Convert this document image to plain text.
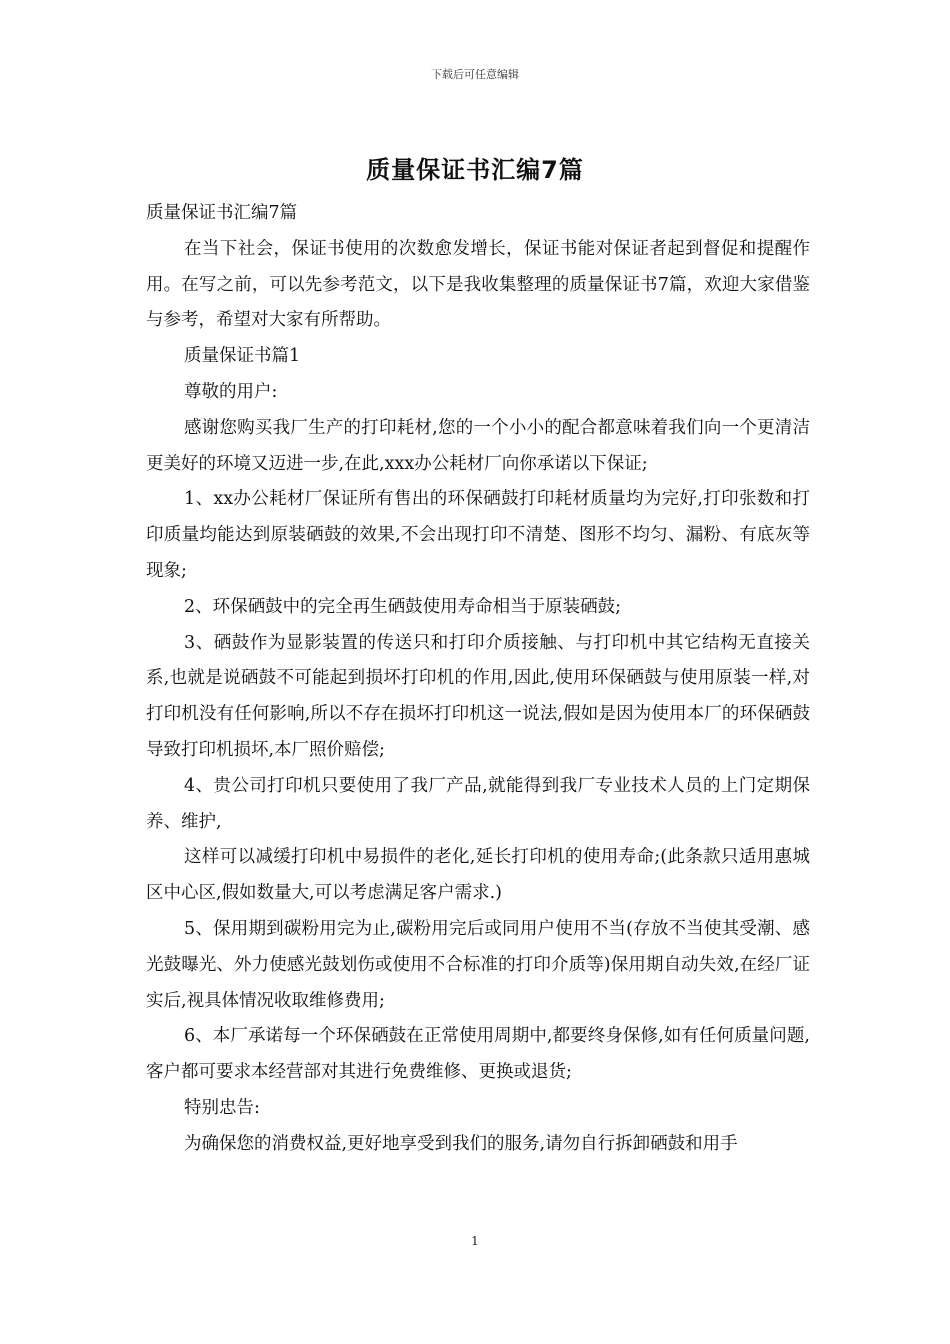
下载后可任意编辑
质量保证书汇编7篇

质量保证书汇编7篇

在当下社会，保证书使用的次数愈发增长，保证书能对保证者起到督促和提醒作用。在写之前，可以先参考范文，以下是我收集整理的质量保证书7篇，欢迎大家借鉴与参考，希望对大家有所帮助。

质量保证书篇1

尊敬的用户:

感谢您购买我厂生产的打印耗材,您的一个小小的配合都意味着我们向一个更清洁更美好的环境又迈进一步,在此,xxx办公耗材厂向你承诺以下保证;

1、xx办公耗材厂保证所有售出的环保硒鼓打印耗材质量均为完好,打印张数和打印质量均能达到原装硒鼓的效果,不会出现打印不清楚、图形不均匀、漏粉、有底灰等现象;

2、环保硒鼓中的完全再生硒鼓使用寿命相当于原装硒鼓;

3、硒鼓作为显影装置的传送只和打印介质接触、与打印机中其它结构无直接关系,也就是说硒鼓不可能起到损坏打印机的作用,因此,使用环保硒鼓与使用原装一样,对打印机没有任何影响,所以不存在损坏打印机这一说法,假如是因为使用本厂的环保硒鼓导致打印机损坏,本厂照价赔偿;

4、贵公司打印机只要使用了我厂产品,就能得到我厂专业技术人员的上门定期保养、维护,

这样可以减缓打印机中易损件的老化,延长打印机的使用寿命;(此条款只适用惠城区中心区,假如数量大,可以考虑满足客户需求.)

5、保用期到碳粉用完为止,碳粉用完后或同用户使用不当(存放不当使其受潮、感光鼓曝光、外力使感光鼓划伤或使用不合标准的打印介质等)保用期自动失效,在经厂证实后,视具体情况收取维修费用;

6、本厂承诺每一个环保硒鼓在正常使用周期中,都要终身保修,如有任何质量问题,客户都可要求本经营部对其进行免费维修、更换或退货;

特别忠告:

为确保您的消费权益,更好地享受到我们的服务,请勿自行拆卸硒鼓和用手

1
